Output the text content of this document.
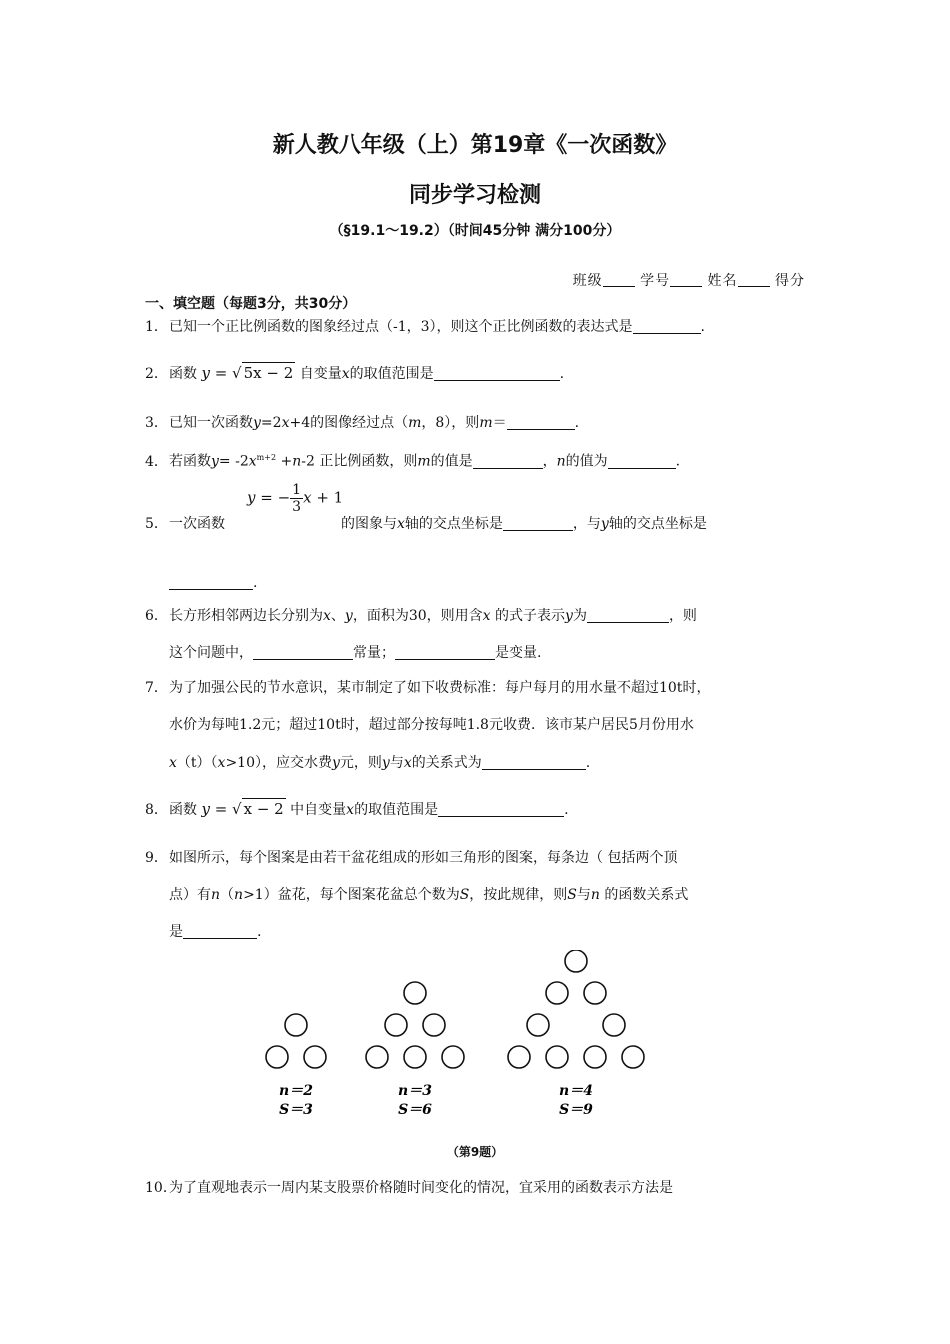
新人教八年级（上）第19章《一次函数》
同步学习检测
（§19.1～19.2）（时间45分钟 满分100分）
班级	学号	姓名	得分
一、填空题（每题3分，共30分）
1．已知一个正比例函数的图象经过点（-1，3），则这个正比例函数的表达式是	.
2．函数 y = √ 5x − 2 自变量x的取值范围是	.
3．已知一次函数y=2x+4的图像经过点（m，8），则m＝	.
4．若函数$y= -2x^{m+2} +n-2$ 正比例函数，则m的值是	，n的值为	.
5．一次函数
y = − $\frac{1}{3}$ x + 1
的图象与x轴的交点坐标是	，与y轴的交点坐标是
.
6．长方形相邻两边长分别为x、y，面积为30，则用含x 的式子表示y为	，则
这个问题中，	常量；	是变量.
7．为了加强公民的节水意识，某市制定了如下收费标准：每户每月的用水量不超过10t时，
水价为每吨1.2元；超过10t时，超过部分按每吨1.8元收费．该市某户居民5月份用水
x（t）（x>10），应交水费y元，则y与x的关系式为	.
8．函数 y = √ x − 2 中自变量x的取值范围是	.
9．如图所示，每个图案是由若干盆花组成的形如三角形的图案，每条边（ 包括两个顶
点）有n（n>1）盆花，每个图案花盆总个数为S，按此规律，则S与n 的函数关系式
是	.
n＝2
S＝3
n＝3
S＝6
n＝4
S＝9
（第9题）
10．为了直观地表示一周内某支股票价格随时间变化的情况，宜采用的函数表示方法是
